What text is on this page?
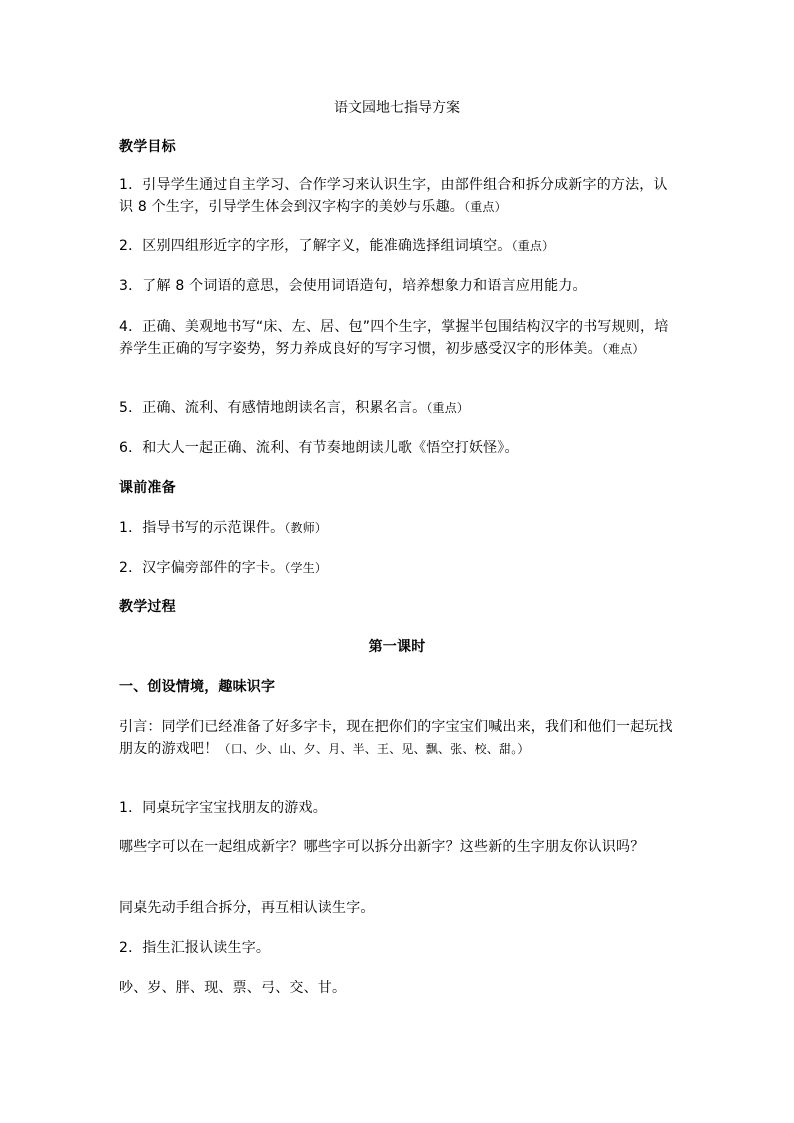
语文园地七指导方案
教学目标
1．引导学生通过自主学习、合作学习来认识生字，由部件组合和拆分成新字的方法，认识 8 个生字，引导学生体会到汉字构字的美妙与乐趣。（重点）
2．区别四组形近字的字形，了解字义，能准确选择组词填空。（重点）
3．了解 8 个词语的意思，会使用词语造句，培养想象力和语言应用能力。
4．正确、美观地书写“床、左、居、包”四个生字，掌握半包围结构汉字的书写规则，培养学生正确的写字姿势，努力养成良好的写字习惯，初步感受汉字的形体美。（难点）
5．正确、流利、有感情地朗读名言，积累名言。（重点）
6．和大人一起正确、流利、有节奏地朗读儿歌《悟空打妖怪》。
课前准备
1．指导书写的示范课件。（教师）
2．汉字偏旁部件的字卡。（学生）
教学过程
第一课时
一、创设情境，趣味识字
引言：同学们已经准备了好多字卡，现在把你们的字宝宝们喊出来，我们和他们一起玩找朋友的游戏吧！（口、少、山、夕、月、半、王、见、飘、张、校、甜。）
1．同桌玩字宝宝找朋友的游戏。
哪些字可以在一起组成新字？哪些字可以拆分出新字？这些新的生字朋友你认识吗？
同桌先动手组合拆分，再互相认读生字。
2．指生汇报认读生字。
吵、岁、胖、现、票、弓、交、甘。
